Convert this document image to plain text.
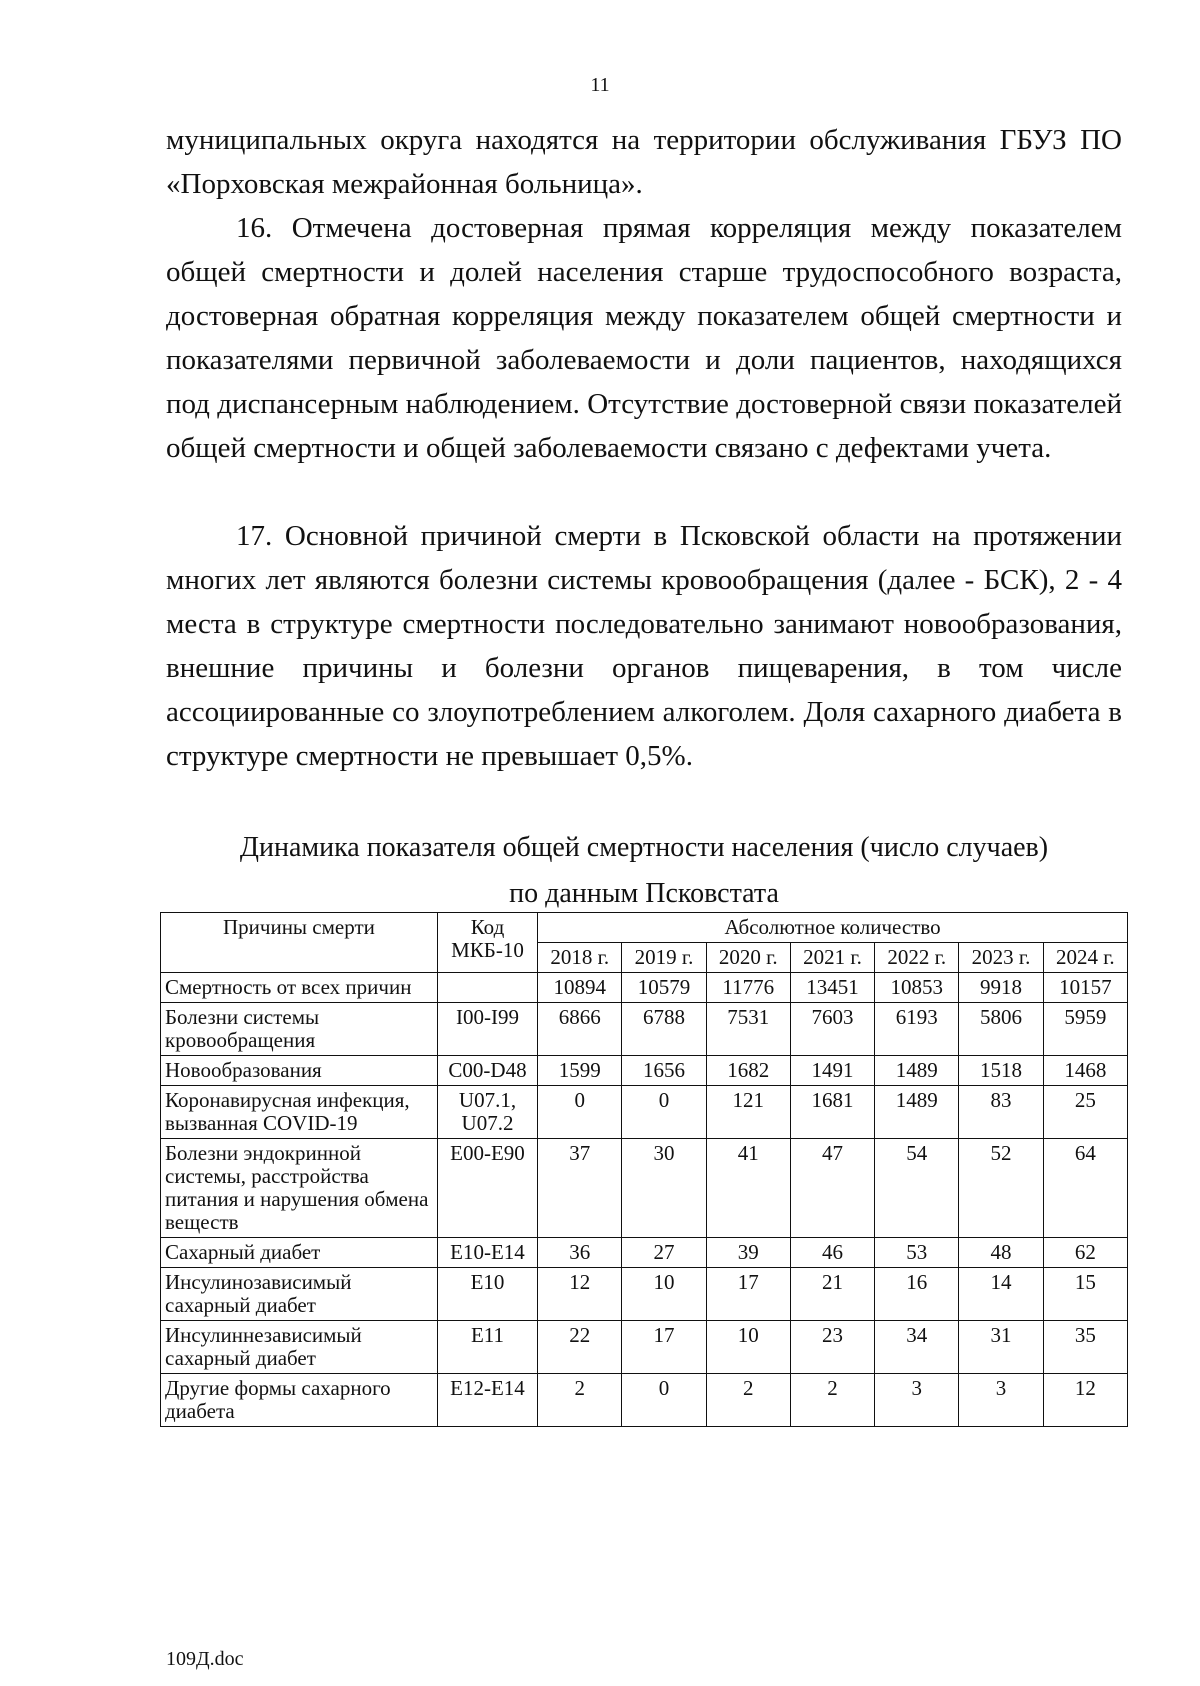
11

муниципальных округа находятся на территории обслуживания ГБУЗ ПО «Порховская межрайонная больница».

16. Отмечена достоверная прямая корреляция между показателем общей смертности и долей населения старше трудоспособного возраста, достоверная обратная корреляция между показателем общей смертности и показателями первичной заболеваемости и доли пациентов, находящихся под диспансерным наблюдением. Отсутствие достоверной связи показателей общей смертности и общей заболеваемости связано с дефектами учета.

17. Основной причиной смерти в Псковской области на протяжении многих лет являются болезни системы кровообращения (далее - БСК), 2 - 4 места в структуре смертности последовательно занимают новообразования, внешние причины и болезни органов пищеварения, в том числе ассоциированные со злоупотреблением алкоголем. Доля сахарного диабета в структуре смертности не превышает 0,5%.

Динамика показателя общей смертности населения (число случаев)
по данным Псковстата
Причины смерти	Код МКБ-10	Абсолютное количество						
		2018 г.	2019 г.	2020 г.	2021 г.	2022 г.	2023 г.	2024 г.
Смертность от всех причин		10894	10579	11776	13451	10853	9918	10157
Болезни системы кровообращения	I00-I99	6866	6788	7531	7603	6193	5806	5959
Новообразования	C00-D48	1599	1656	1682	1491	1489	1518	1468
Коронавирусная инфекция, вызванная COVID-19	U07.1, U07.2	0	0	121	1681	1489	83	25
Болезни эндокринной системы, расстройства питания и нарушения обмена веществ	E00-E90	37	30	41	47	54	52	64
Сахарный диабет	E10-E14	36	27	39	46	53	48	62
Инсулинозависимый сахарный диабет	E10	12	10	17	21	16	14	15
Инсулиннезависимый сахарный диабет	E11	22	17	10	23	34	31	35
Другие формы сахарного диабета	E12-E14	2	0	2	2	3	3	12
109Д.doc
